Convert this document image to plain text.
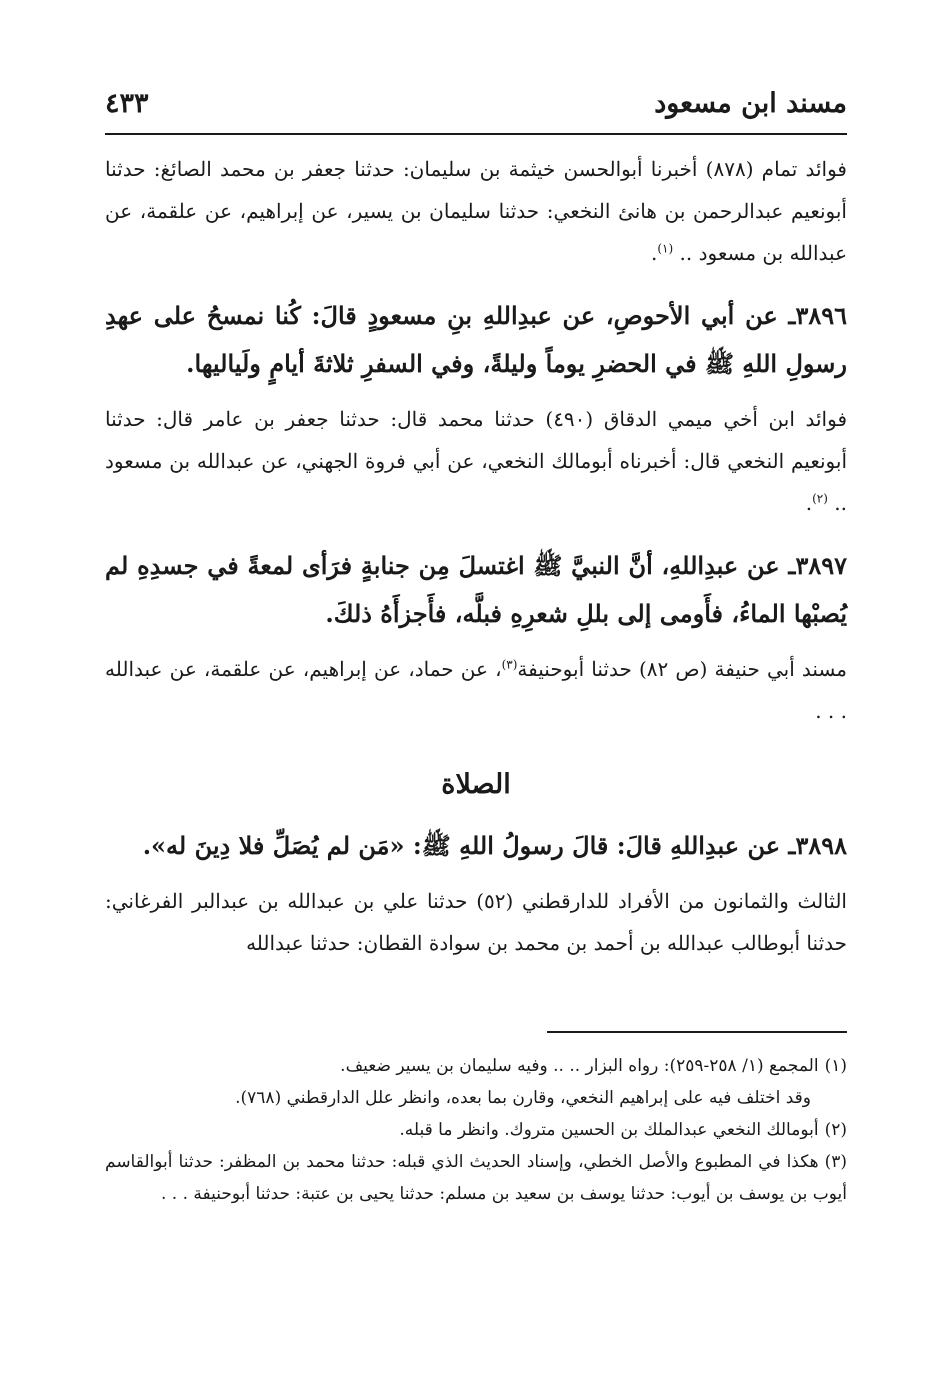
مسند ابن مسعود
٤٣٣

فوائد تمام (٨٧٨) أخبرنا أبوالحسن خيثمة بن سليمان: حدثنا جعفر بن محمد الصائغ: حدثنا أبونعيم عبدالرحمن بن هانئ النخعي: حدثنا سليمان بن يسير، عن إبراهيم، عن علقمة، عن عبدالله بن مسعود .. $^{(١)}$.

٣٨٩٦ـ عن أبي الأحوصِ، عن عبدِاللهِ بنِ مسعودٍ قالَ: كُنا نمسحُ على عهدِ رسولِ اللهِ ﷺ في الحضرِ يوماً وليلةً، وفي السفرِ ثلاثةَ أيامٍ ولَياليها.

فوائد ابن أخي ميمي الدقاق (٤٩٠) حدثنا محمد قال: حدثنا جعفر بن عامر قال: حدثنا أبونعيم النخعي قال: أخبرناه أبومالك النخعي، عن أبي فروة الجهني، عن عبدالله بن مسعود .. $^{(٢)}$.

٣٨٩٧ـ عن عبدِاللهِ، أنَّ النبيَّ ﷺ اغتسلَ مِن جنابةٍ فرَأى لمعةً في جسدِهِ لم يُصبْها الماءُ، فأَومى إلى بللِ شعرِهِ فبلَّه، فأَجزأَهُ ذلكَ.

مسند أبي حنيفة (ص ٨٢) حدثنا أبوحنيفة$^{(٣)}$، عن حماد، عن إبراهيم، عن علقمة، عن عبدالله . . .

الصلاة

٣٨٩٨ـ عن عبدِاللهِ قالَ: قالَ رسولُ اللهِ ﷺ: «مَن لم يُصَلِّ فلا دِينَ له».

الثالث والثمانون من الأفراد للدارقطني (٥٢) حدثنا علي بن عبدالله بن عبدالبر الفرغاني: حدثنا أبوطالب عبدالله بن أحمد بن محمد بن سوادة القطان: حدثنا عبدالله

(١)المجمع (١/ ٢٥٨-٢٥٩): رواه البزار .. .. وفيه سليمان بن يسير ضعيف.

وقد اختلف فيه على إبراهيم النخعي، وقارن بما بعده، وانظر علل الدارقطني (٧٦٨).

(٢)أبومالك النخعي عبدالملك بن الحسين متروك. وانظر ما قبله.

(٣)هكذا في المطبوع والأصل الخطي، وإسناد الحديث الذي قبله: حدثنا محمد بن المظفر: حدثنا أبوالقاسم أيوب بن يوسف بن أيوب: حدثنا يوسف بن سعيد بن مسلم: حدثنا يحيى بن عتبة: حدثنا أبوحنيفة . . .
